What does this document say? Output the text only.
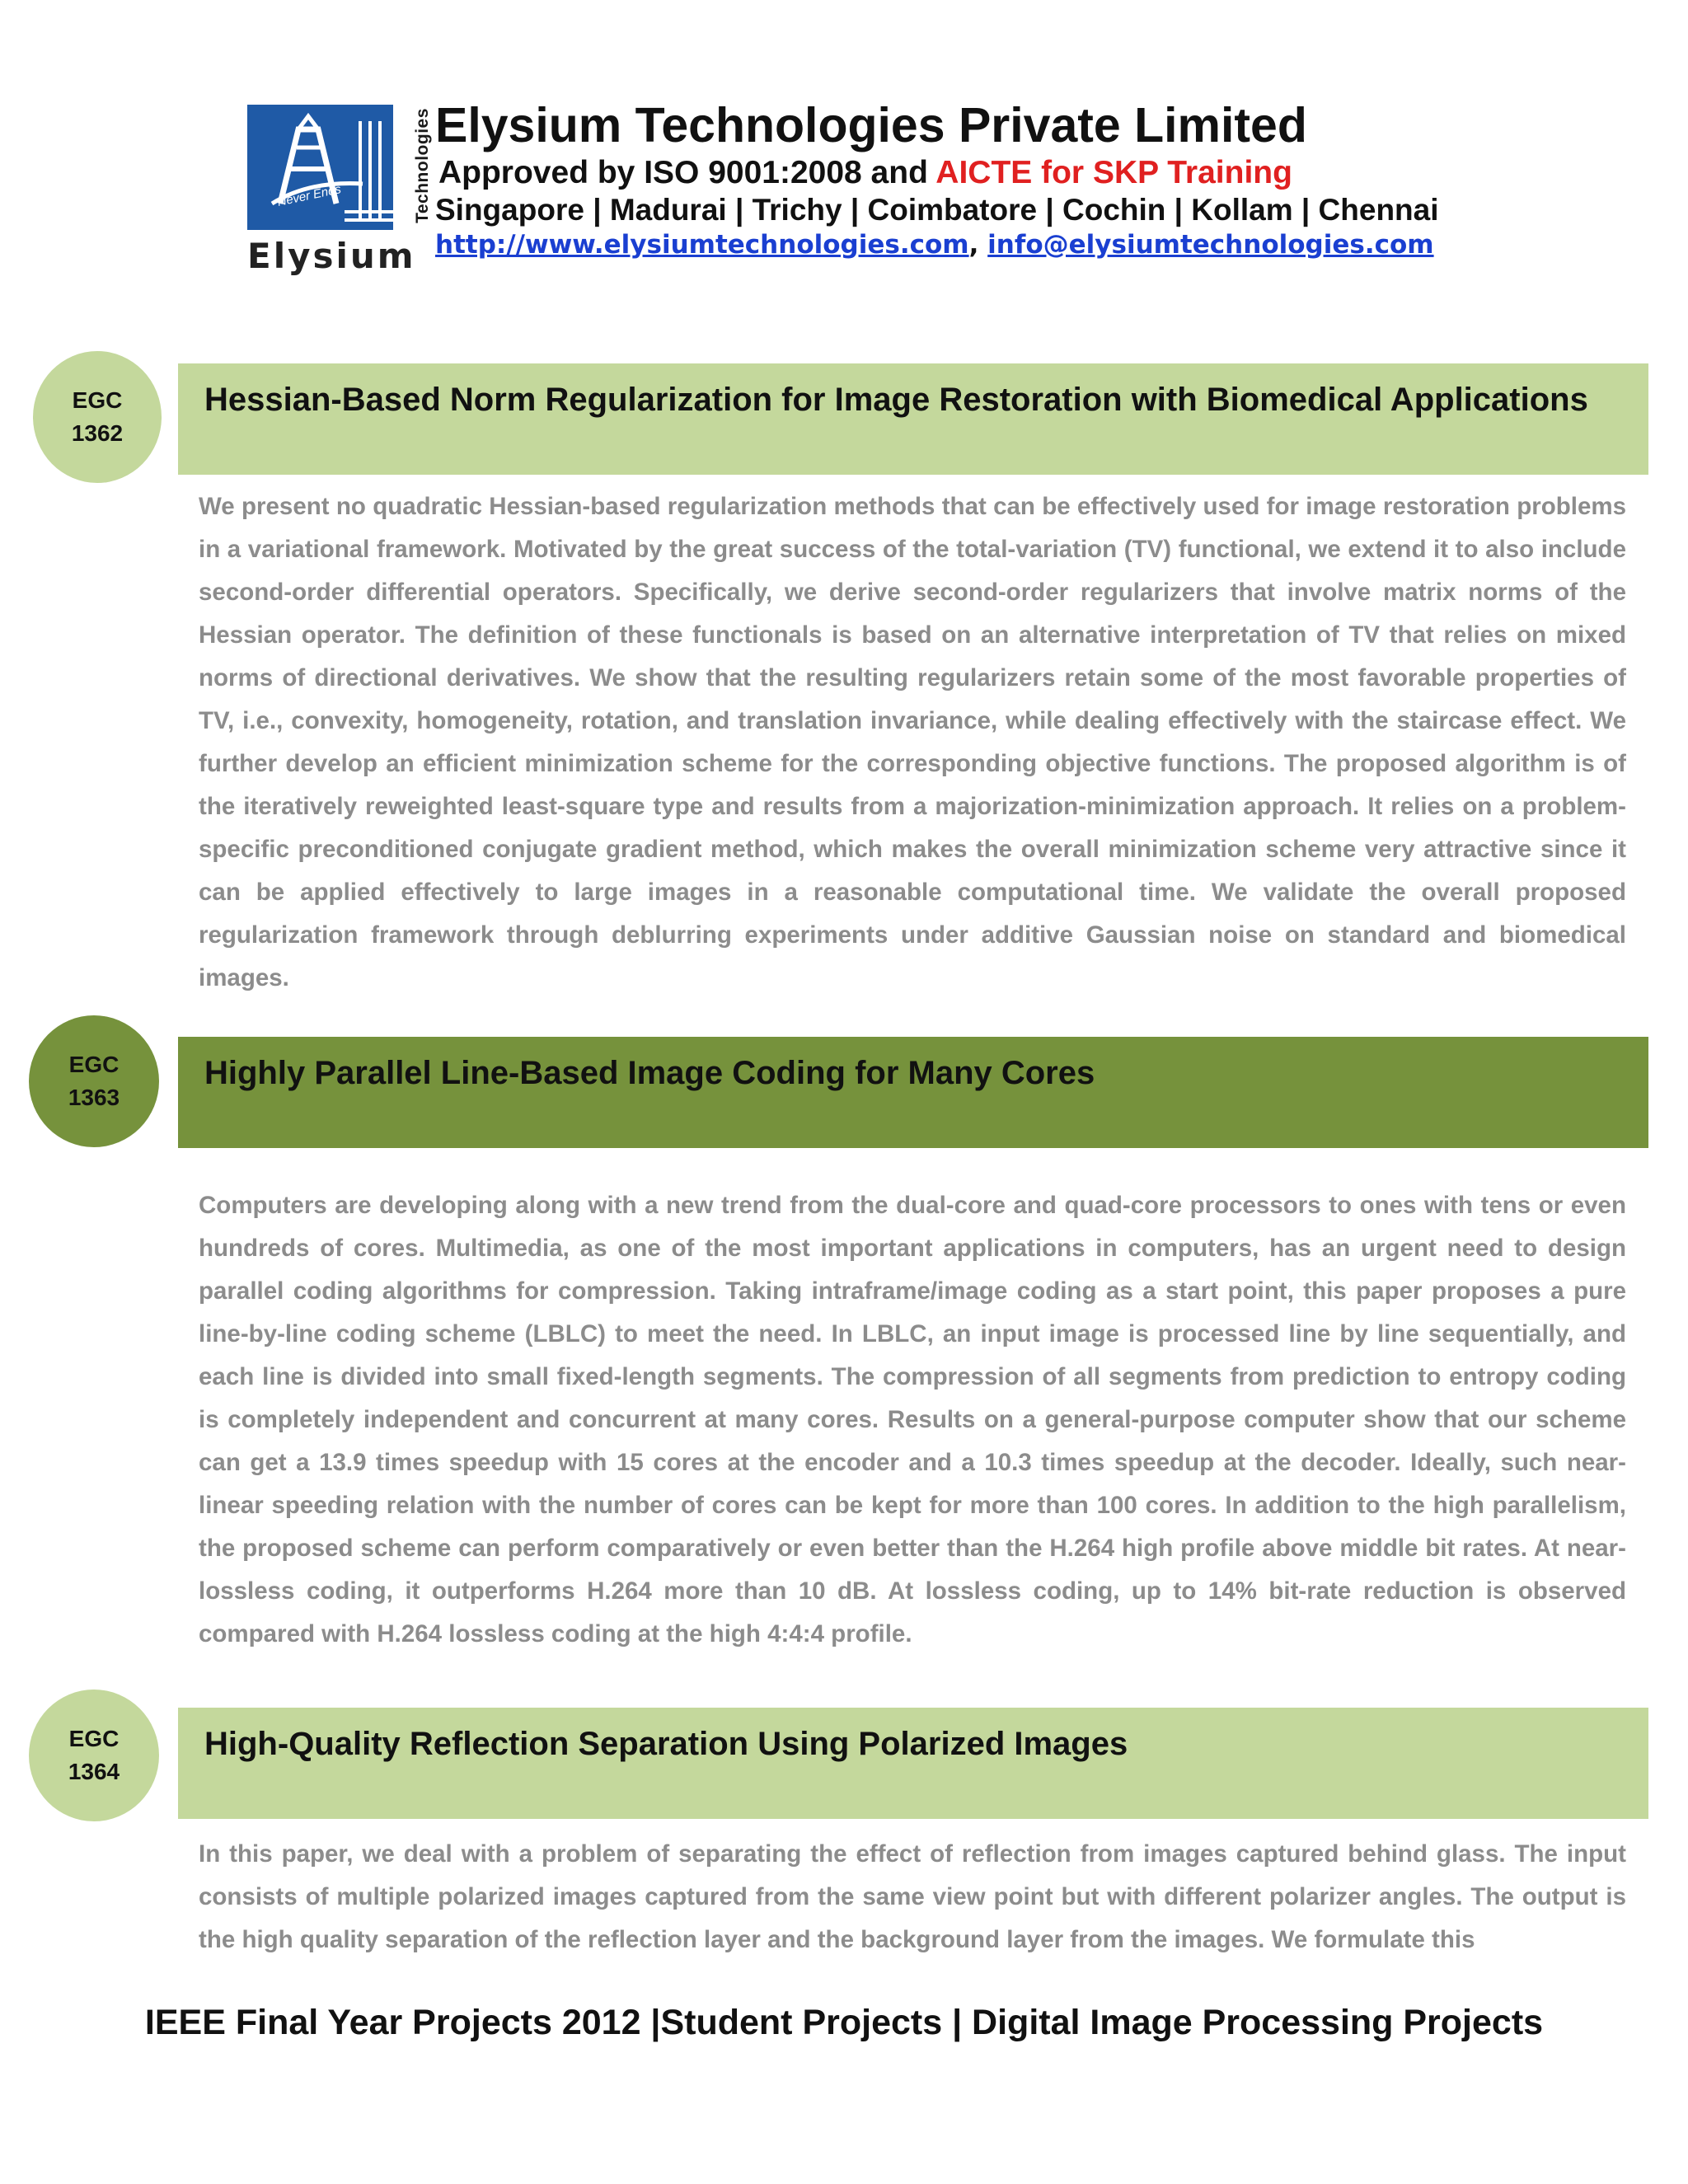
Never Ends	Technologies
Elysium
Elysium Technologies Private Limited
Approved by ISO 9001:2008 and AICTE for SKP Training
Singapore | Madurai | Trichy | Coimbatore | Cochin | Kollam | Chennai
http://www.elysiumtechnologies.com, info@elysiumtechnologies.com
EGC
1362
Hessian-Based Norm Regularization for Image Restoration with Biomedical Applications

We present no quadratic Hessian-based regularization methods that can be effectively used for image restoration problems in a variational framework. Motivated by the great success of the total-variation (TV) functional, we extend it to also include second-order differential operators. Specifically, we derive second-order regularizers that involve matrix norms of the Hessian operator. The definition of these functionals is based on an alternative interpretation of TV that relies on mixed norms of directional derivatives. We show that the resulting regularizers retain some of the most favorable properties of TV, i.e., convexity, homogeneity, rotation, and translation invariance, while dealing effectively with the staircase effect. We further develop an efficient minimization scheme for the corresponding objective functions. The proposed algorithm is of the iteratively reweighted least-square type and results from a majorization-minimization approach. It relies on a problem-specific preconditioned conjugate gradient method, which makes the overall minimization scheme very attractive since it can be applied effectively to large images in a reasonable computational time. We validate the overall proposed regularization framework through deblurring experiments under additive Gaussian noise on standard and biomedical images.

EGC
1363
Highly Parallel Line-Based Image Coding for Many Cores

Computers are developing along with a new trend from the dual-core and quad-core processors to ones with tens or even hundreds of cores. Multimedia, as one of the most important applications in computers, has an urgent need to design parallel coding algorithms for compression. Taking intraframe/image coding as a start point, this paper proposes a pure line-by-line coding scheme (LBLC) to meet the need. In LBLC, an input image is processed line by line sequentially, and each line is divided into small fixed-length segments. The compression of all segments from prediction to entropy coding is completely independent and concurrent at many cores. Results on a general-purpose computer show that our scheme can get a 13.9 times speedup with 15 cores at the encoder and a 10.3 times speedup at the decoder. Ideally, such near-linear speeding relation with the number of cores can be kept for more than 100 cores. In addition to the high parallelism, the proposed scheme can perform comparatively or even better than the H.264 high profile above middle bit rates. At near-lossless coding, it outperforms H.264 more than 10 dB. At lossless coding, up to 14% bit-rate reduction is observed compared with H.264 lossless coding at the high 4:4:4 profile.

EGC
1364
High-Quality Reflection Separation Using Polarized Images

In this paper, we deal with a problem of separating the effect of reflection from images captured behind glass. The input consists of multiple polarized images captured from the same view point but with different polarizer angles. The output is the high quality separation of the reflection layer and the background layer from the images. We formulate this

IEEE Final Year Projects 2012 |Student Projects | Digital Image Processing Projects
